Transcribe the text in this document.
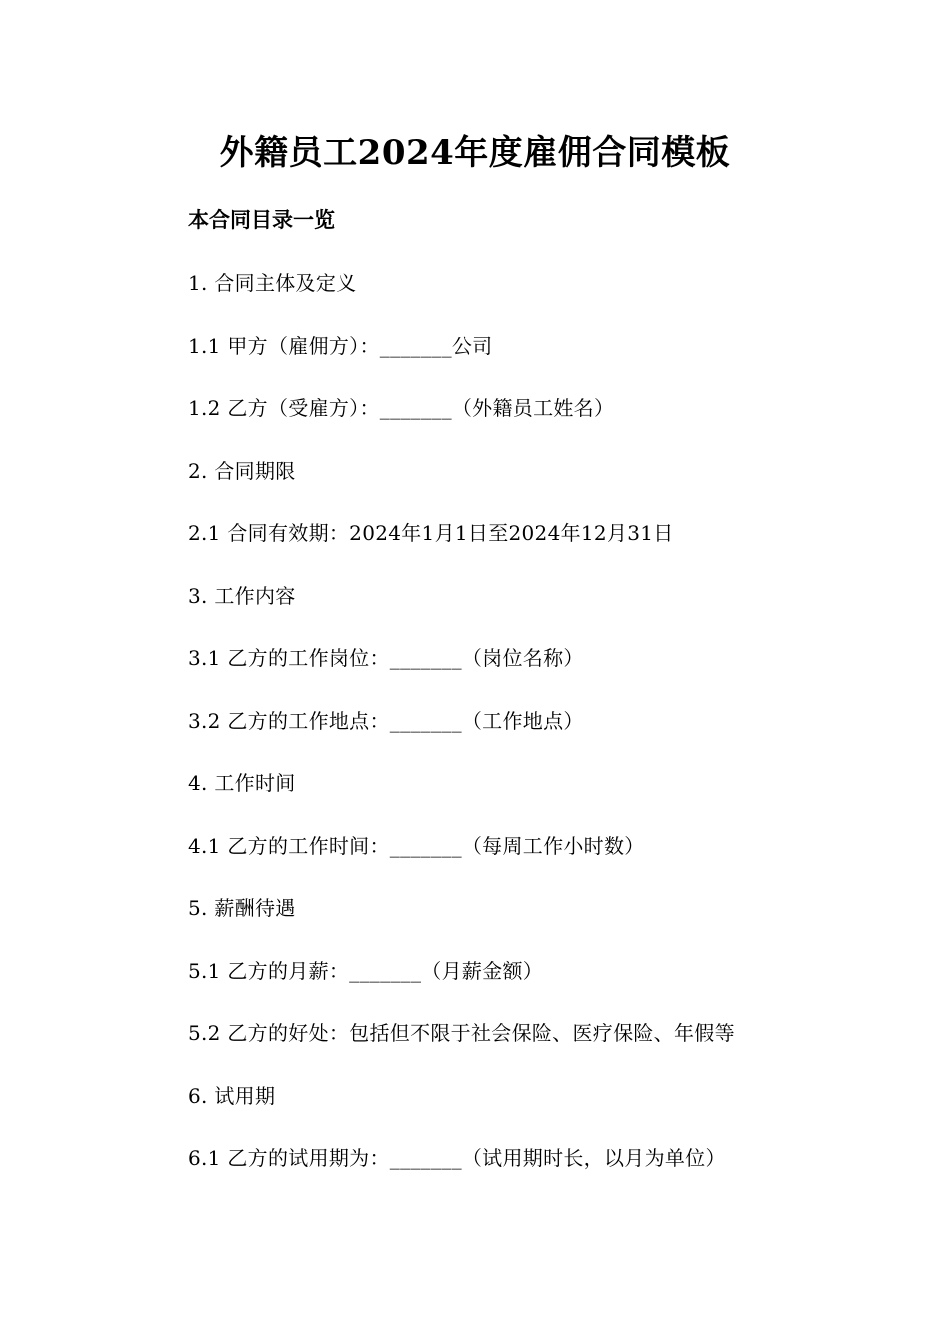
外籍员工2024年度雇佣合同模板
本合同目录一览
1. 合同主体及定义
1.1 甲方（雇佣方）：_______公司
1.2 乙方（受雇方）：_______（外籍员工姓名）
2. 合同期限
2.1 合同有效期：2024年1月1日至2024年12月31日
3. 工作内容
3.1 乙方的工作岗位：_______（岗位名称）
3.2 乙方的工作地点：_______（工作地点）
4. 工作时间
4.1 乙方的工作时间：_______（每周工作小时数）
5. 薪酬待遇
5.1 乙方的月薪：_______（月薪金额）
5.2 乙方的好处：包括但不限于社会保险、医疗保险、年假等
6. 试用期
6.1 乙方的试用期为：_______（试用期时长，以月为单位）
